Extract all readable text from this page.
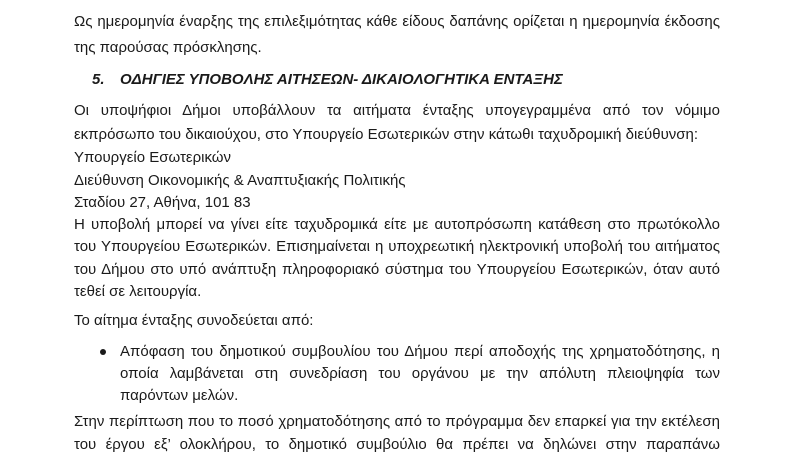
Ως ημερομηνία έναρξης της επιλεξιμότητας κάθε είδους δαπάνης ορίζεται η ημερομηνία έκδοσης
της παρούσας πρόσκλησης.
5. ΟΔΗΓΙΕΣ ΥΠΟΒΟΛΗΣ ΑΙΤΗΣΕΩΝ- ΔΙΚΑΙΟΛΟΓΗΤΙΚΑ ΕΝΤΑΞΗΣ
Οι υποψήφιοι Δήμοι υποβάλλουν τα αιτήματα ένταξης υπογεγραμμένα από τον νόμιμο
εκπρόσωπο του δικαιούχου, στο Υπουργείο Εσωτερικών στην κάτωθι ταχυδρομική διεύθυνση:
Υπουργείο Εσωτερικών
Διεύθυνση Οικονομικής & Αναπτυξιακής Πολιτικής
Σταδίου 27, Αθήνα, 101 83
Η υποβολή μπορεί να γίνει είτε ταχυδρομικά είτε με αυτοπρόσωπη κατάθεση στο πρωτόκολλο
του Υπουργείου Εσωτερικών. Επισημαίνεται η υποχρεωτική ηλεκτρονική υποβολή του αιτήματος
του Δήμου στο υπό ανάπτυξη πληροφοριακό σύστημα του Υπουργείου Εσωτερικών, όταν αυτό
τεθεί σε λειτουργία.
Το αίτημα ένταξης συνοδεύεται από:
Απόφαση του δημοτικού συμβουλίου του Δήμου περί αποδοχής της χρηματοδότησης, η
οποία λαμβάνεται στη συνεδρίαση του οργάνου με την απόλυτη πλειοψηφία των
παρόντων μελών.
Στην περίπτωση που το ποσό χρηματοδότησης από το πρόγραμμα δεν επαρκεί για την εκτέλεση
του έργου εξ’ ολοκλήρου, το δημοτικό συμβούλιο θα πρέπει να δηλώνει στην παραπάνω
